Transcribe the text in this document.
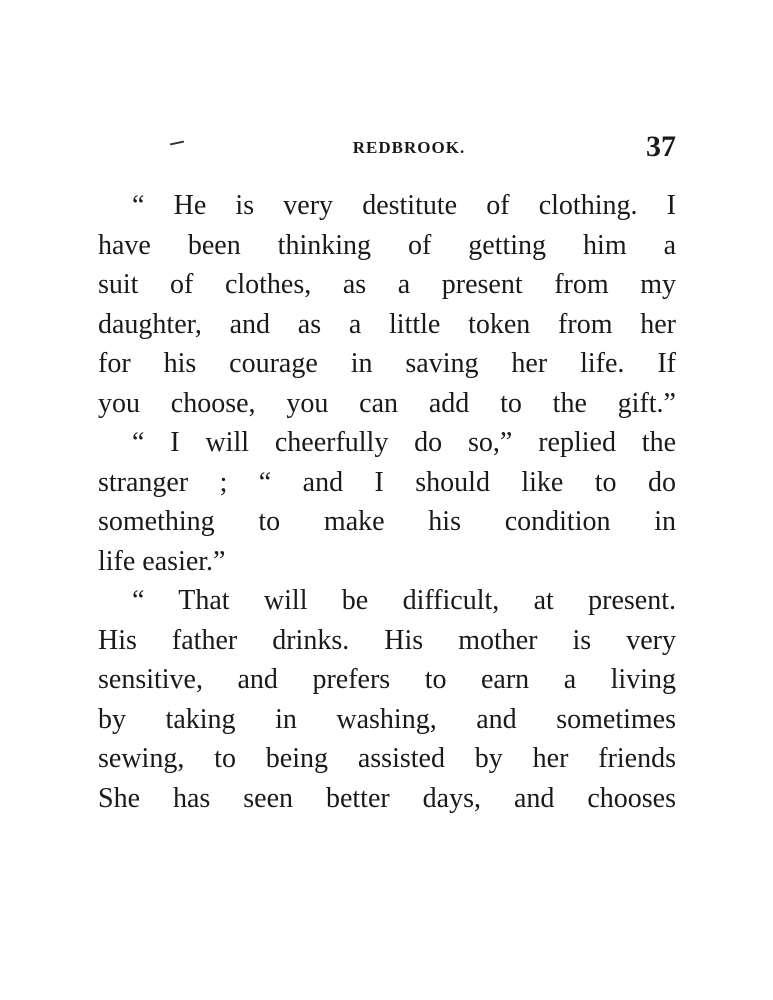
REDBROOK.	37
“ He is very destitute of clothing. I
have been thinking of getting him a
suit of clothes, as a present from my
daughter, and as a little token from her
for his courage in saving her life. If
you choose, you can add to the gift.”
“ I will cheerfully do so,” replied the
stranger ; “ and I should like to do
something to make his condition in
life easier.”
“ That will be difficult, at present.
His father drinks. His mother is very
sensitive, and prefers to earn a living
by taking in washing, and sometimes
sewing, to being assisted by her friends
She has seen better days, and chooses
